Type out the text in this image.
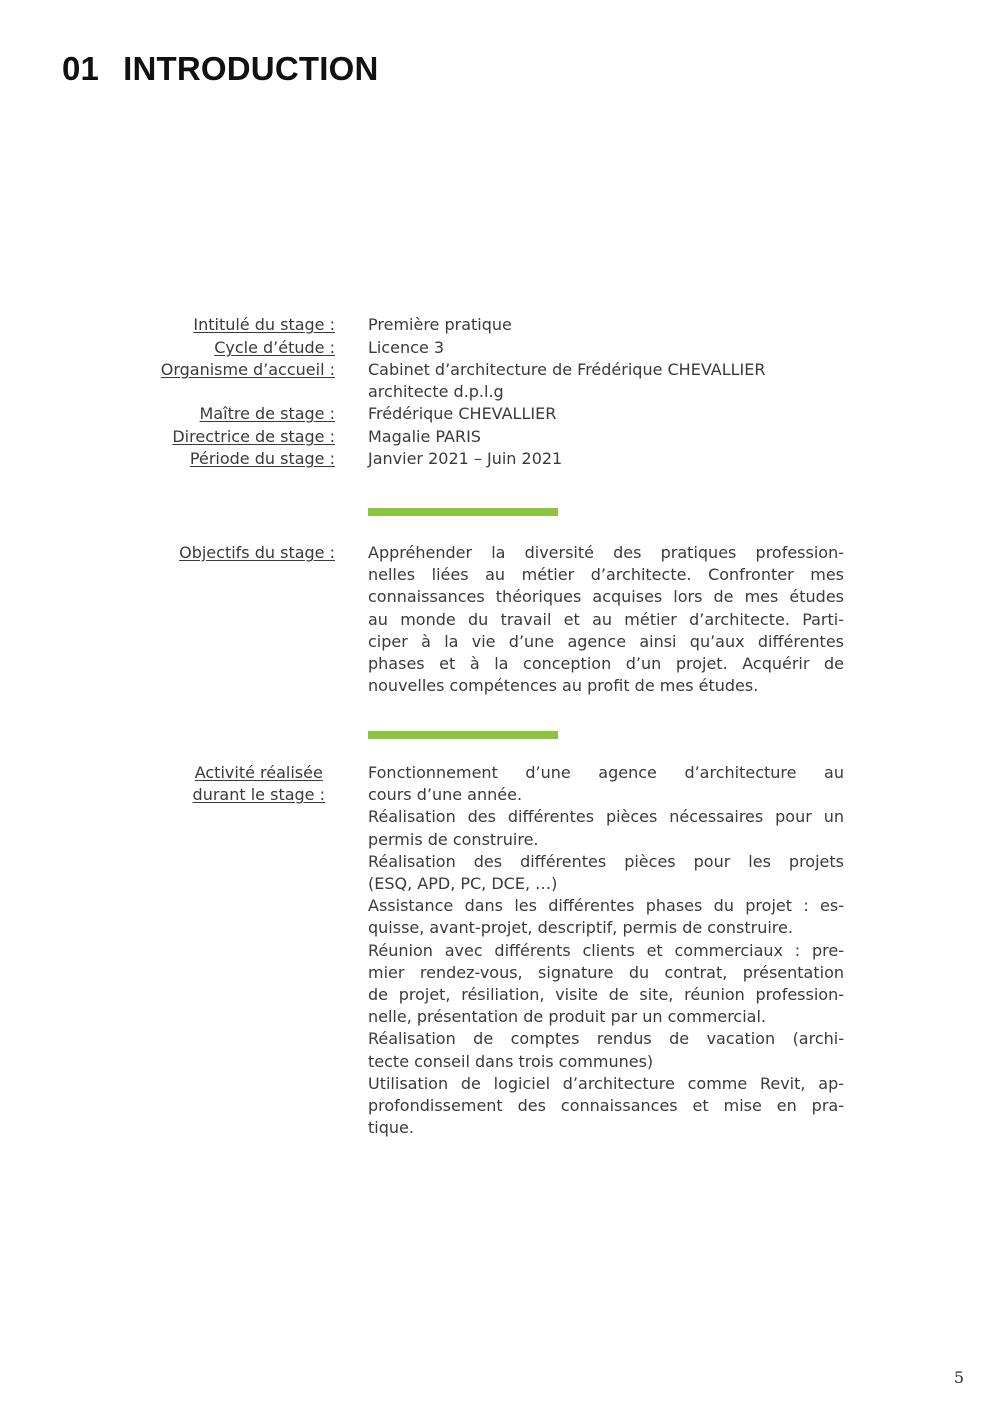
01 INTRODUCTION
Intitulé du stage : Première pratique
Cycle d’étude : Licence 3
Organisme d’accueil : Cabinet d’architecture de Frédérique CHEVALLIER
architecte d.p.l.g
Maître de stage : Frédérique CHEVALLIER
Directrice de stage : Magalie PARIS
Période du stage : Janvier 2021 – Juin 2021
Objectifs du stage : Appréhender la diversité des pratiques profession-
nelles liées au métier d’architecte. Confronter mes
connaissances théoriques acquises lors de mes études
au monde du travail et au métier d’architecte. Parti-
ciper à la vie d’une agence ainsi qu’aux différentes
phases et à la conception d’un projet. Acquérir de
nouvelles compétences au profit de mes études.
Activité réalisée
durant le stage :
Fonctionnement d’une agence d’architecture au
cours d’une année.
Réalisation des différentes pièces nécessaires pour un
permis de construire.
Réalisation des différentes pièces pour les projets
(ESQ, APD, PC, DCE, …)
Assistance dans les différentes phases du projet : es-
quisse, avant-projet, descriptif, permis de construire.
Réunion avec différents clients et commerciaux : pre-
mier rendez-vous, signature du contrat, présentation
de projet, résiliation, visite de site, réunion profession-
nelle, présentation de produit par un commercial.
Réalisation de comptes rendus de vacation (archi-
tecte conseil dans trois communes)
Utilisation de logiciel d’architecture comme Revit, ap-
profondissement des connaissances et mise en pra-
tique.
5
